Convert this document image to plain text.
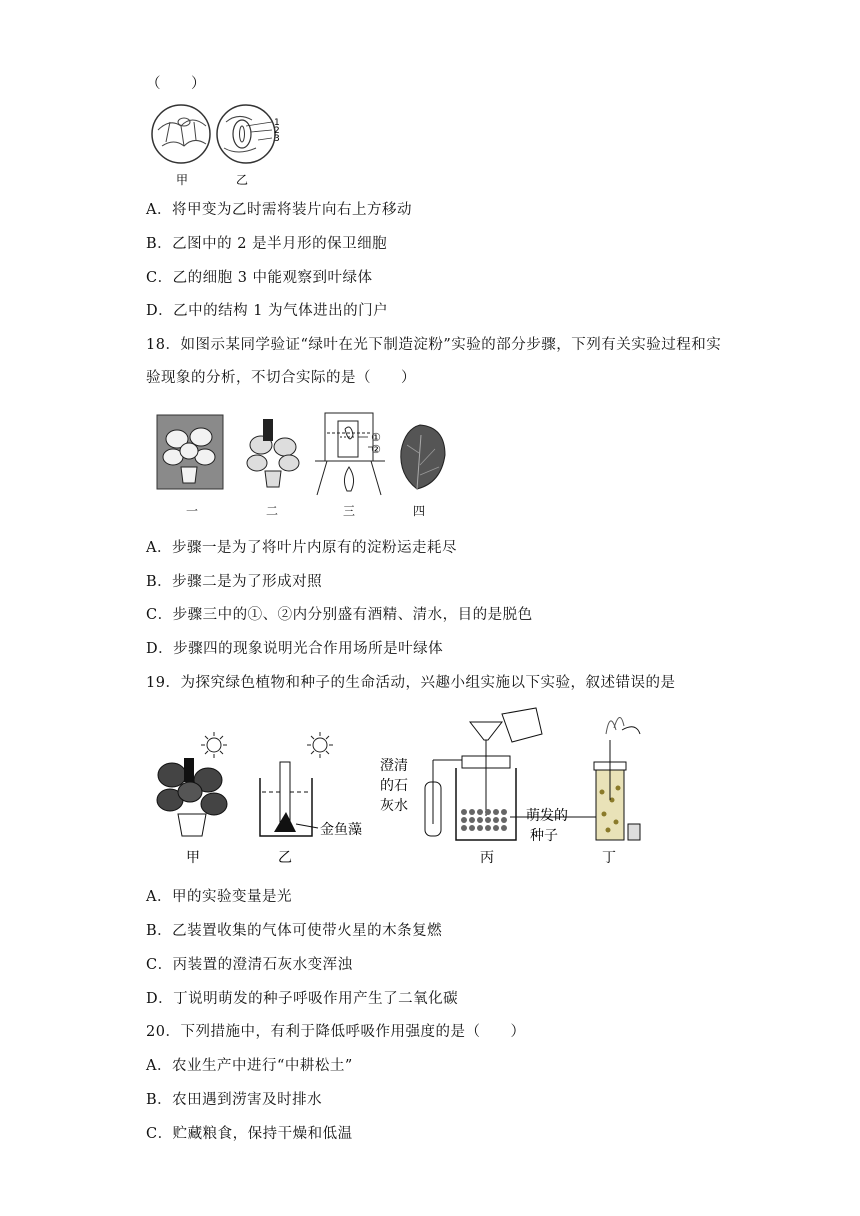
（　　）
1
2
3
甲	乙
A．将甲变为乙时需将装片向右上方移动
B．乙图中的 2 是半月形的保卫细胞
C．乙的细胞 3 中能观察到叶绿体
D．乙中的结构 1 为气体进出的门户
18．如图示某同学验证“绿叶在光下制造淀粉”实验的部分步骤，下列有关实验过程和实
验现象的分析，不切合实际的是（　　）
①
②
一	二	三	四
A．步骤一是为了将叶片内原有的淀粉运走耗尽
B．步骤二是为了形成对照
C．步骤三中的①、②内分别盛有酒精、清水，目的是脱色
D．步骤四的现象说明光合作用场所是叶绿体
19．为探究绿色植物和种子的生命活动，兴趣小组实施以下实验，叙述错误的是
金鱼藻
澄清
的石
灰水
萌发的
种子
甲	乙	丙	丁
A．甲的实验变量是光
B．乙装置收集的气体可使带火星的木条复燃
C．丙装置的澄清石灰水变浑浊
D．丁说明萌发的种子呼吸作用产生了二氧化碳
20．下列措施中，有利于降低呼吸作用强度的是（　　）
A．农业生产中进行“中耕松土”
B．农田遇到涝害及时排水
C．贮藏粮食，保持干燥和低温
